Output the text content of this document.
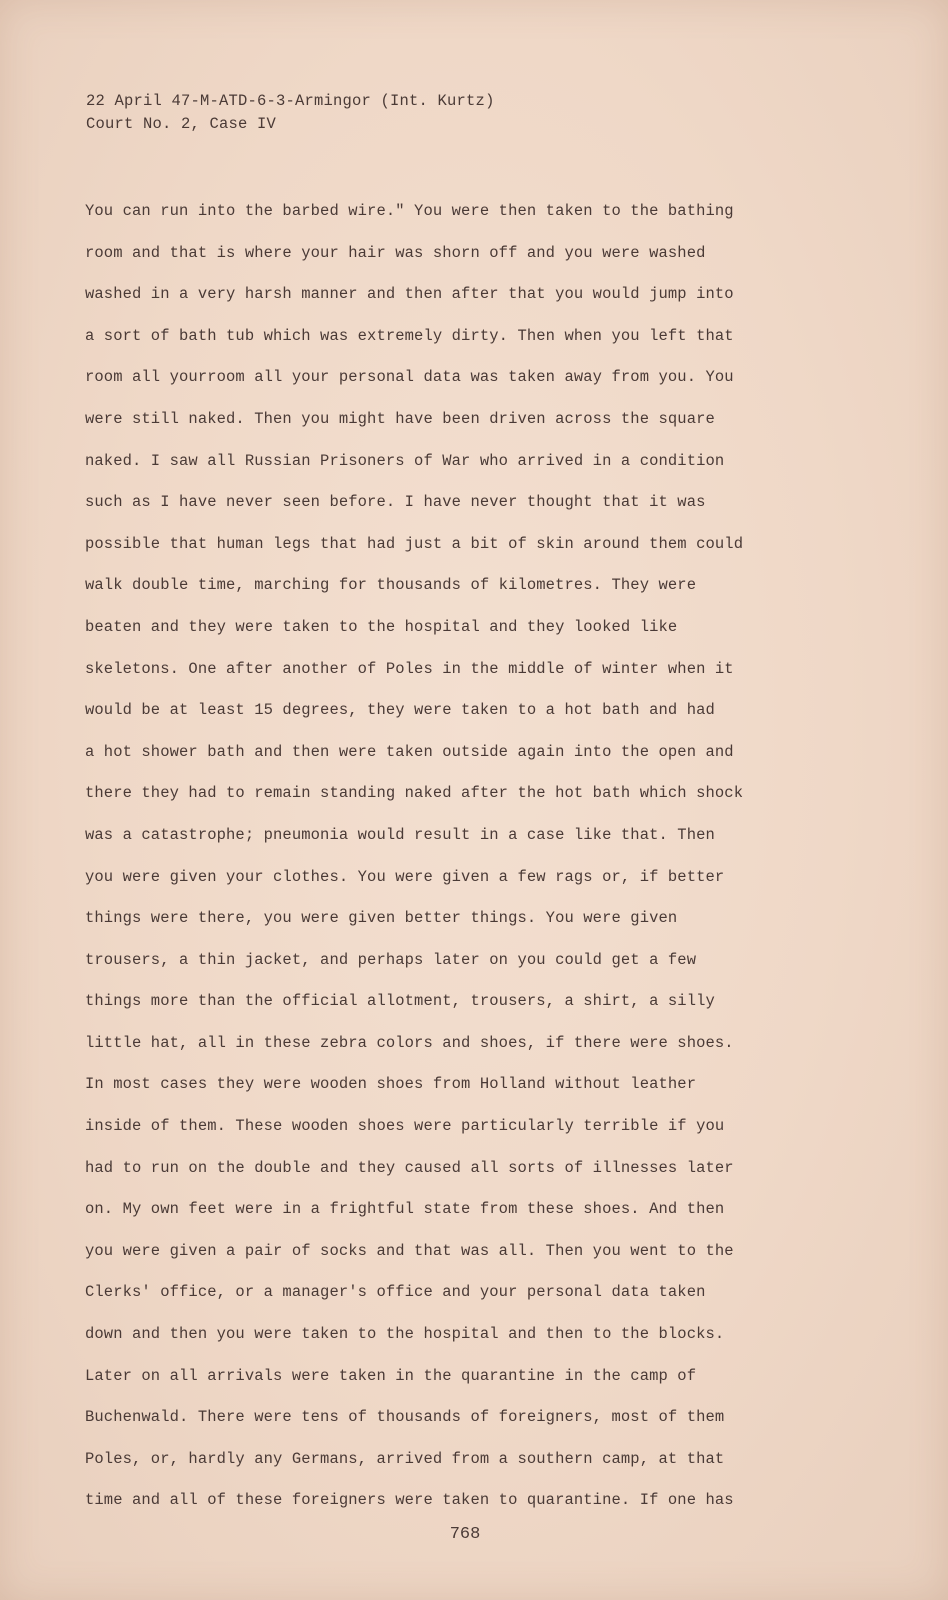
22 April 47-M-ATD-6-3-Armingor (Int. Kurtz)
Court No. 2, Case IV
You can run into the barbed wire." You were then taken to the bathing
room and that is where your hair was shorn off and you were washed
washed in a very harsh manner and then after that you would jump into
a sort of bath tub which was extremely dirty. Then when you left that
room all yourroom all your personal data was taken away from you. You
were still naked. Then you might have been driven across the square
naked. I saw all Russian Prisoners of War who arrived in a condition
such as I have never seen before. I have never thought that it was
possible that human legs that had just a bit of skin around them could
walk double time, marching for thousands of kilometres. They were
beaten and they were taken to the hospital and they looked like
skeletons. One after another of Poles in the middle of winter when it
would be at least 15 degrees, they were taken to a hot bath and had
a hot shower bath and then were taken outside again into the open and
there they had to remain standing naked after the hot bath which shock
was a catastrophe; pneumonia would result in a case like that. Then
you were given your clothes. You were given a few rags or, if better
things were there, you were given better things. You were given
trousers, a thin jacket, and perhaps later on you could get a few
things more than the official allotment, trousers, a shirt, a silly
little hat, all in these zebra colors and shoes, if there were shoes.
In most cases they were wooden shoes from Holland without leather
inside of them. These wooden shoes were particularly terrible if you
had to run on the double and they caused all sorts of illnesses later
on. My own feet were in a frightful state from these shoes. And then
you were given a pair of socks and that was all. Then you went to the
Clerks' office, or a manager's office and your personal data taken
down and then you were taken to the hospital and then to the blocks.
Later on all arrivals were taken in the quarantine in the camp of
Buchenwald. There were tens of thousands of foreigners, most of them
Poles, or, hardly any Germans, arrived from a southern camp, at that
time and all of these foreigners were taken to quarantine. If one has
768
